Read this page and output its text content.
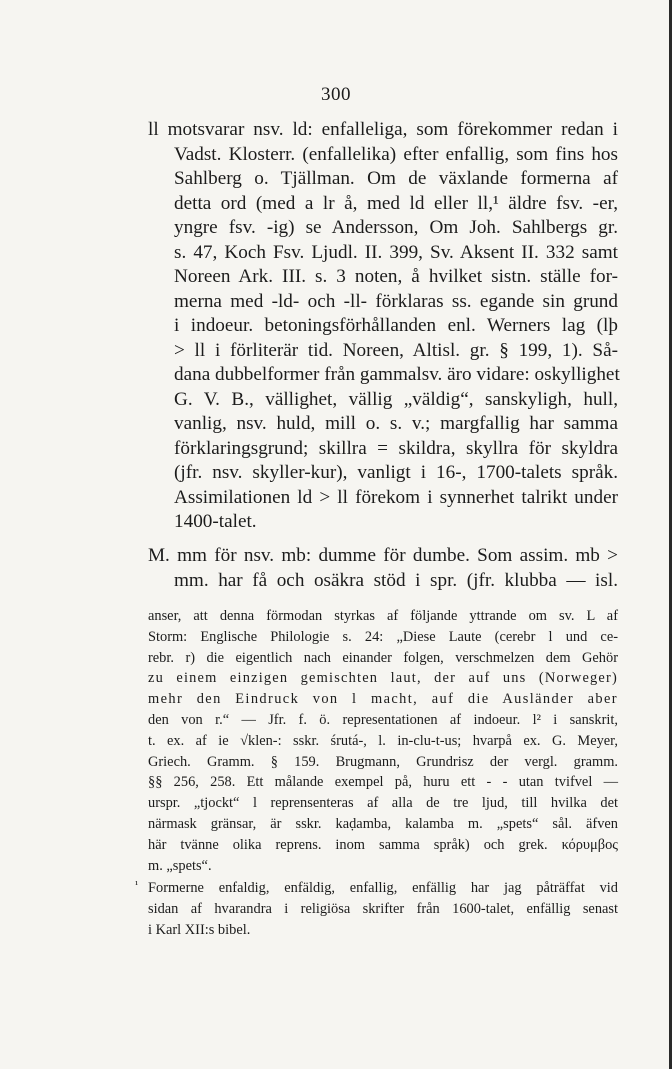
300
ll motsvarar nsv. ld: enfalleliga, som förekommer redan i
Vadst. Klosterr. (enfallelika) efter enfallig, som fins hos
Sahlberg o. Tjällman. Om de växlande formerna af
detta ord (med a lr å, med ld eller ll,¹ äldre fsv. -er,
yngre fsv. -ig) se Andersson, Om Joh. Sahlbergs gr.
s. 47, Koch Fsv. Ljudl. II. 399, Sv. Aksent II. 332 samt
Noreen Ark. III. s. 3 noten, å hvilket sistn. ställe for-
merna med -ld- och -ll- förklaras ss. egande sin grund
i indoeur. betoningsförhållanden enl. Werners lag (lþ
> ll i förliterär tid. Noreen, Altisl. gr. § 199, 1). Så-
dana dubbelformer från gammalsv. äro vidare: oskyllighet
G. V. B., vällighet, vällig „väldig“, sanskyligh, hull,
vanlig, nsv. huld, mill o. s. v.; margfallig har samma
förklaringsgrund; skillra = skildra, skyllra för skyldra
(jfr. nsv. skyller-kur), vanligt i 16-, 1700-talets språk.
Assimilationen ld > ll förekom i synnerhet talrikt under
1400-talet.
M. mm för nsv. mb: dumme för dumbe. Som assim. mb >
mm. har få och osäkra stöd i spr. (jfr. klubba — isl.
anser, att denna förmodan styrkas af följande yttrande om sv. L af
Storm: Englische Philologie s. 24: „Diese Laute (cerebr l und ce-
rebr. r) die eigentlich nach einander folgen, verschmelzen dem Gehör
zu einem einzigen gemischten laut, der auf uns (Norweger)
mehr den Eindruck von l macht, auf die Ausländer aber
den von r.“ — Jfr. f. ö. representationen af indoeur. l² i sanskrit,
t. ex. af ie √klen-: sskr. śrutá-, l. in-clu-t-us; hvarpå ex. G. Meyer,
Griech. Gramm. § 159. Brugmann, Grundrisz der vergl. gramm.
§§ 256, 258. Ett målande exempel på, huru ett - - utan tvifvel —
urspr. „tjockt“ l reprensenteras af alla de tre ljud, till hvilka det
närmask gränsar, är sskr. kaḍamba, kalamba m. „spets“ sål. äfven
här tvänne olika reprens. inom samma språk) och grek. κόρυμβος
m. „spets“.
¹ Formerne enfaldig, enfäldig, enfallig, enfällig har jag påträffat vid
sidan af hvarandra i religiösa skrifter från 1600-talet, enfällig senast
i Karl XII:s bibel.
